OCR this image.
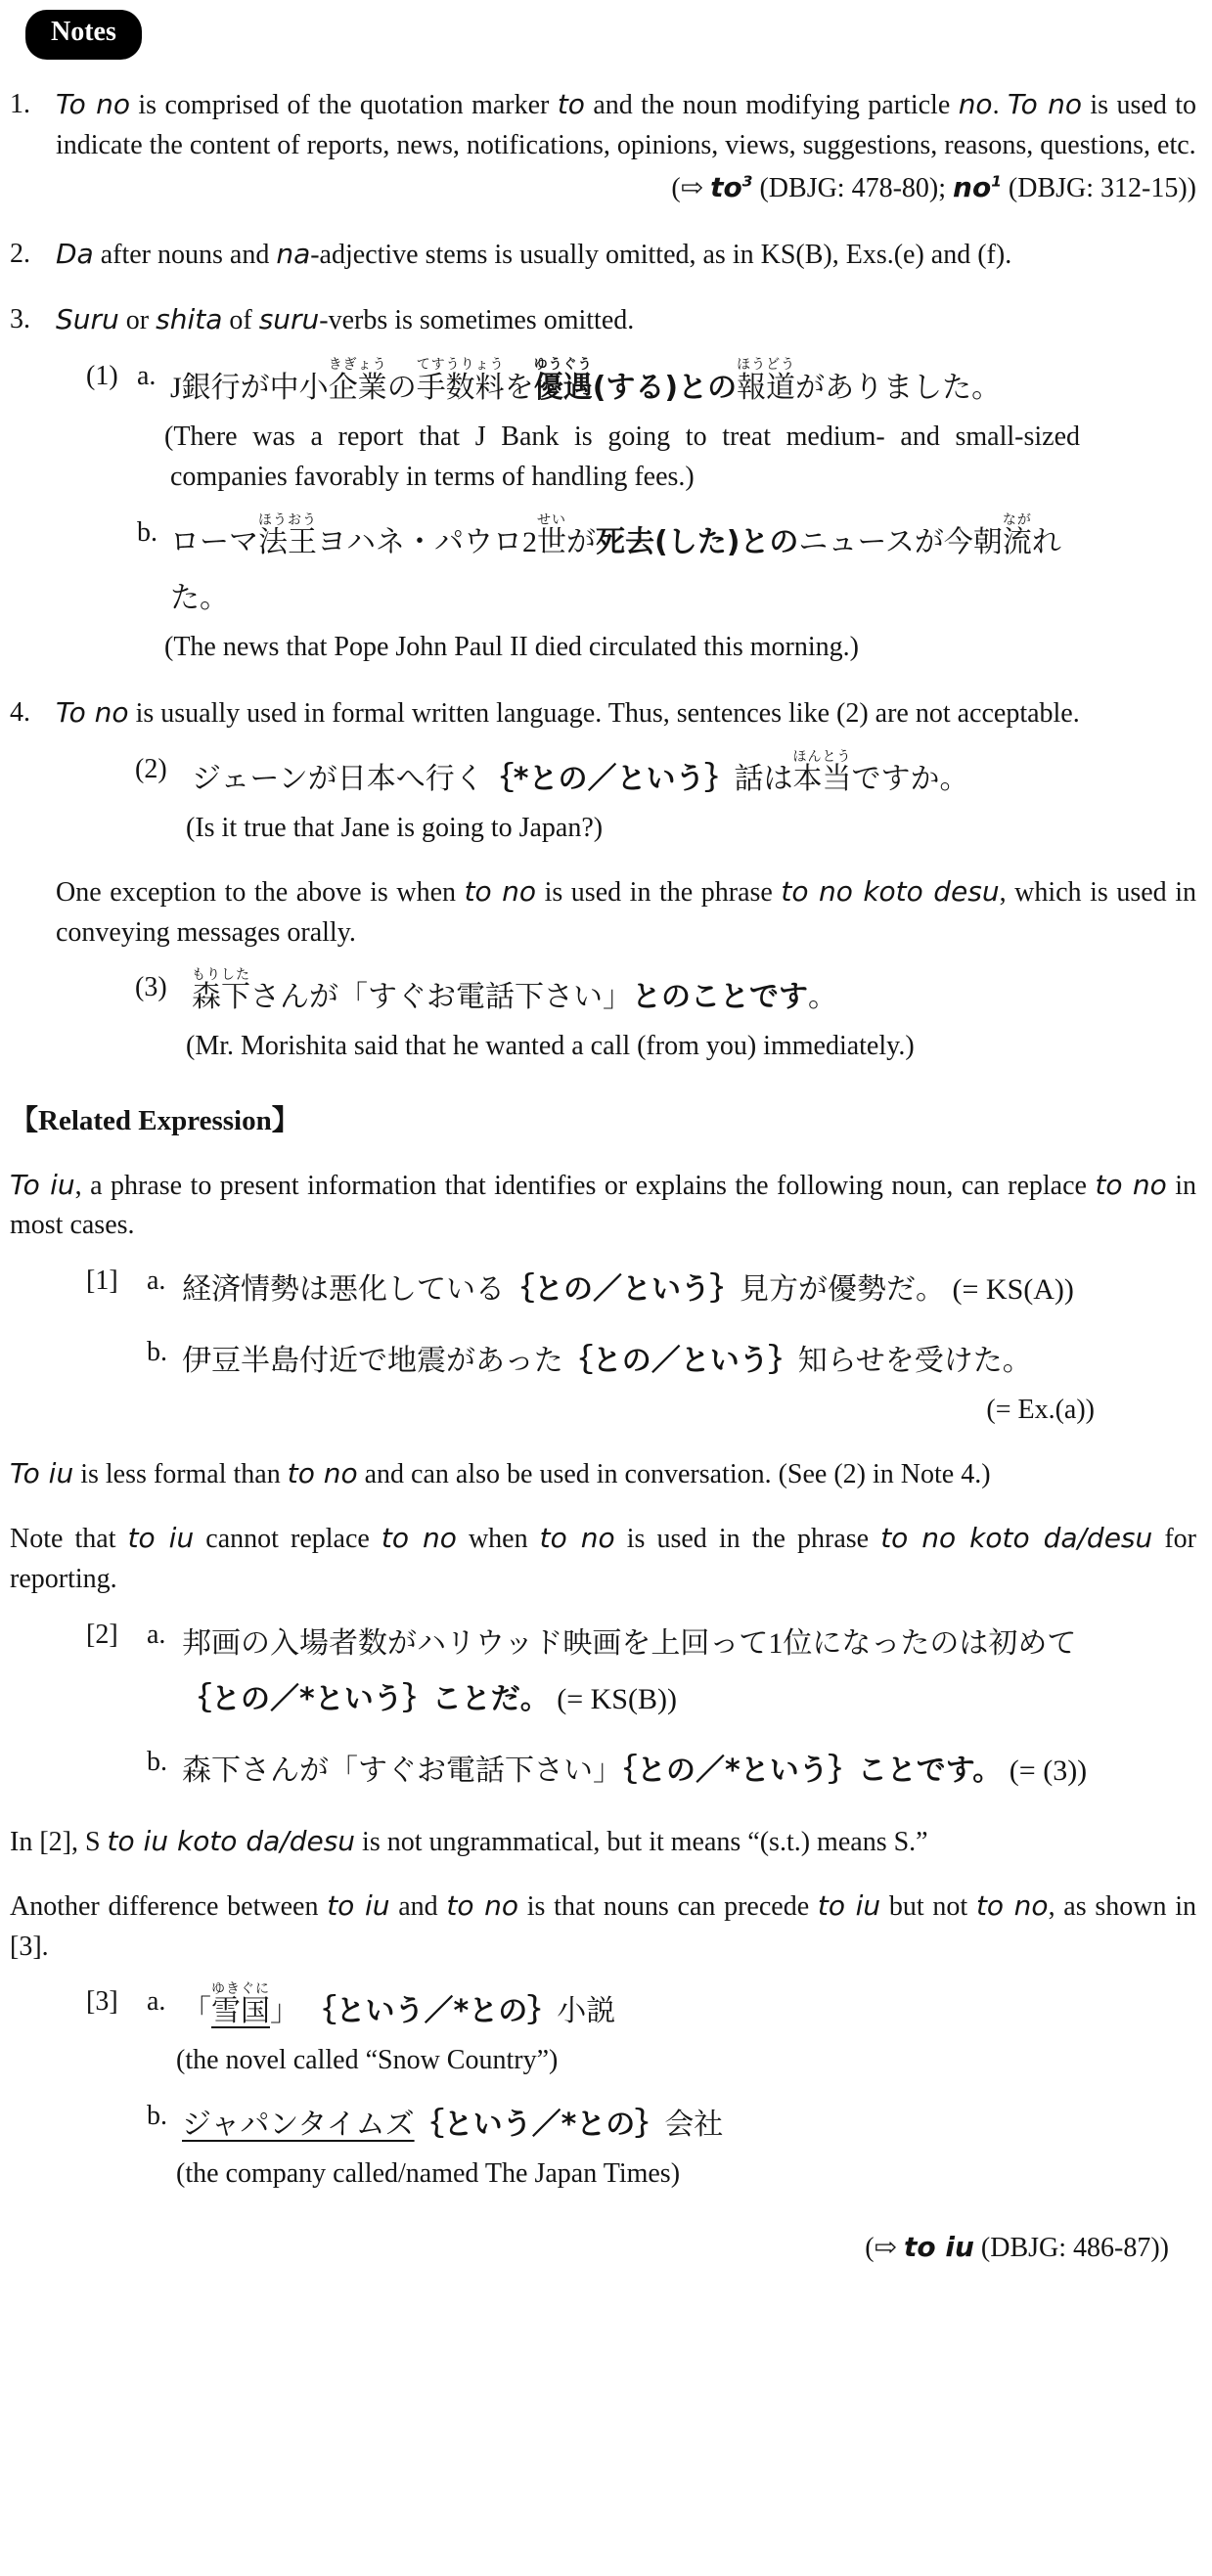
Notes
1. To no is comprised of the quotation marker to and the noun modifying particle no. To no is used to indicate the content of reports, news, notifications, opinions, views, suggestions, reasons, questions, etc.

(⇨ $to^3$ (DBJG: 478-80); $no^1$ (DBJG: 312-15))

2. Da after nouns and na-adjective stems is usually omitted, as in KS(B), Exs.(e) and (f).

3. Suru or shita of suru-verbs is sometimes omitted.

(1) a. J銀行が中小企業きぎょうの手数料てすうりょうを優遇ゆうぐう(する)との報道ほうどうがありました。

(There was a report that J Bank is going to treat medium- and small-sized companies favorably in terms of handling fees.)

b. ローマ法王ほうおうヨハネ・パウロ2世せいが死去(した)とのニュースが今朝流ながれ
た。

(The news that Pope John Paul II died circulated this morning.)

4. To no is usually used in formal written language. Thus, sentences like (2) are not acceptable.

(2) ジェーンが日本へ行く｛*との／という｝話は本当ほんとうですか。

(Is it true that Jane is going to Japan?)

One exception to the above is when to no is used in the phrase to no koto desu, which is used in conveying messages orally.

(3) 森下もりしたさんが「すぐお電話下さい」とのことです。

(Mr. Morishita said that he wanted a call (from you) immediately.)

【Related Expression】

To iu, a phrase to present information that identifies or explains the following noun, can replace to no in most cases.

[1]	a. 経済情勢は悪化している｛との／という｝見方が優勢だ。 (= KS(A))

b. 伊豆半島付近で地震があった｛との／という｝知らせを受けた。

(= Ex.(a))

To iu is less formal than to no and can also be used in conversation. (See (2) in Note 4.)

Note that to iu cannot replace to no when to no is used in the phrase to no koto da/desu for reporting.

[2]	a. 邦画の入場者数がハリウッド映画を上回って1位になったのは初めて
｛との／*という｝ことだ。 (= KS(B))

b. 森下さんが「すぐお電話下さい」｛との／*という｝ことです。 (= (3))

In [2], S to iu koto da/desu is not ungrammatical, but it means “(s.t.) means S.”

Another difference between to iu and to no is that nouns can precede to iu but not to no, as shown in [3].

[3]	a. 「雪国ゆきぐに」 ｛という／*との｝小説

(the novel called “Snow Country”)

b. ジャパンタイムズ｛という／*との｝会社

(the company called/named The Japan Times)

(⇨ to iu (DBJG: 486-87))
